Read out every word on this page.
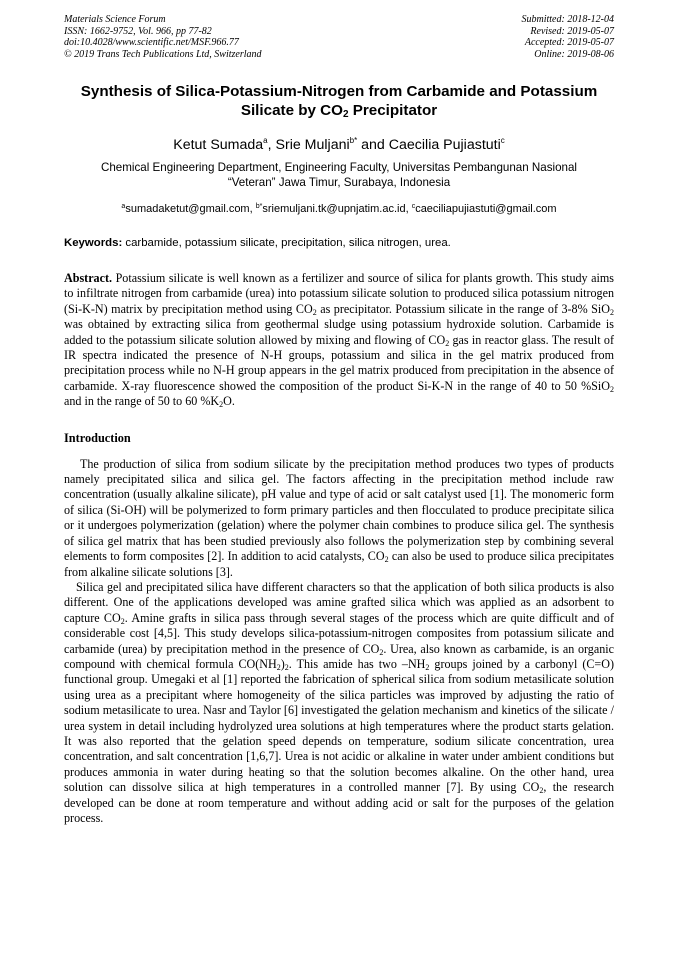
Materials Science Forum
ISSN: 1662-9752, Vol. 966, pp 77-82
doi:10.4028/www.scientific.net/MSF.966.77
© 2019 Trans Tech Publications Ltd, Switzerland
Submitted: 2018-12-04
Revised: 2019-05-07
Accepted: 2019-05-07
Online: 2019-08-06
Synthesis of Silica-Potassium-Nitrogen from Carbamide and Potassium
Silicate by $CO_2$ Precipitator
Ketut Sumada$^a$, Srie Muljani$^{b*}$ and Caecilia Pujiastuti$^c$
Chemical Engineering Department, Engineering Faculty, Universitas Pembangunan Nasional
“Veteran” Jawa Timur, Surabaya, Indonesia
$^a$sumadaketut@gmail.com, $^{b*}$sriemuljani.tk@upnjatim.ac.id, $^c$caeciliapujiastuti@gmail.com
Keywords: carbamide, potassium silicate, precipitation, silica nitrogen, urea.
Abstract. Potassium silicate is well known as a fertilizer and source of silica for plants growth. This study aims to infiltrate nitrogen from carbamide (urea) into potassium silicate solution to produced silica potassium nitrogen (Si-K-N) matrix by precipitation method using $CO_2$ as precipitator. Potassium silicate in the range of 3-8% SiO$_2$ was obtained by extracting silica from geothermal sludge using potassium hydroxide solution. Carbamide is added to the potassium silicate solution allowed by mixing and flowing of $CO_2$ gas in reactor glass. The result of IR spectra indicated the presence of N-H groups, potassium and silica in the gel matrix produced from precipitation process while no N-H group appears in the gel matrix produced from precipitation in the absence of carbamide. X-ray fluorescence showed the composition of the product Si-K-N in the range of 40 to 50 %SiO$_2$ and in the range of 50 to 60 $\%K_2O$.
Introduction

The production of silica from sodium silicate by the precipitation method produces two types of products namely precipitated silica and silica gel. The factors affecting in the precipitation method include raw concentration (usually alkaline silicate), pH value and type of acid or salt catalyst used [1]. The monomeric form of silica (Si-OH) will be polymerized to form primary particles and then flocculated to produce precipitate silica or it undergoes polymerization (gelation) where the polymer chain combines to produce silica gel. The synthesis of silica gel matrix that has been studied previously also follows the polymerization step by combining several elements to form composites [2]. In addition to acid catalysts, $CO_2$ can also be used to produce silica precipitates from alkaline silicate solutions [3].

Silica gel and precipitated silica have different characters so that the application of both silica products is also different. One of the applications developed was amine grafted silica which was applied as an adsorbent to capture $CO_2$. Amine grafts in silica pass through several stages of the process which are quite difficult and of considerable cost [4,5]. This study develops silica-potassium-nitrogen composites from potassium silicate and carbamide (urea) by precipitation method in the presence of $CO_2$. Urea, also known as carbamide, is an organic compound with chemical formula $CO(NH_2)_2$. This amide has two $-NH_2$ groups joined by a carbonyl (C=O) functional group. Umegaki et al [1] reported the fabrication of spherical silica from sodium metasilicate solution using urea as a precipitant where homogeneity of the silica particles was improved by adjusting the ratio of sodium metasilicate to urea. Nasr and Taylor [6] investigated the gelation mechanism and kinetics of the silicate / urea system in detail including hydrolyzed urea solutions at high temperatures where the product starts gelation. It was also reported that the gelation speed depends on temperature, sodium silicate concentration, urea concentration, and salt concentration [1,6,7]. Urea is not acidic or alkaline in water under ambient conditions but produces ammonia in water during heating so that the solution becomes alkaline. On the other hand, urea solution can dissolve silica at high temperatures in a controlled manner [7]. By using $CO_2$, the research developed can be done at room temperature and without adding acid or salt for the purposes of the gelation process.
